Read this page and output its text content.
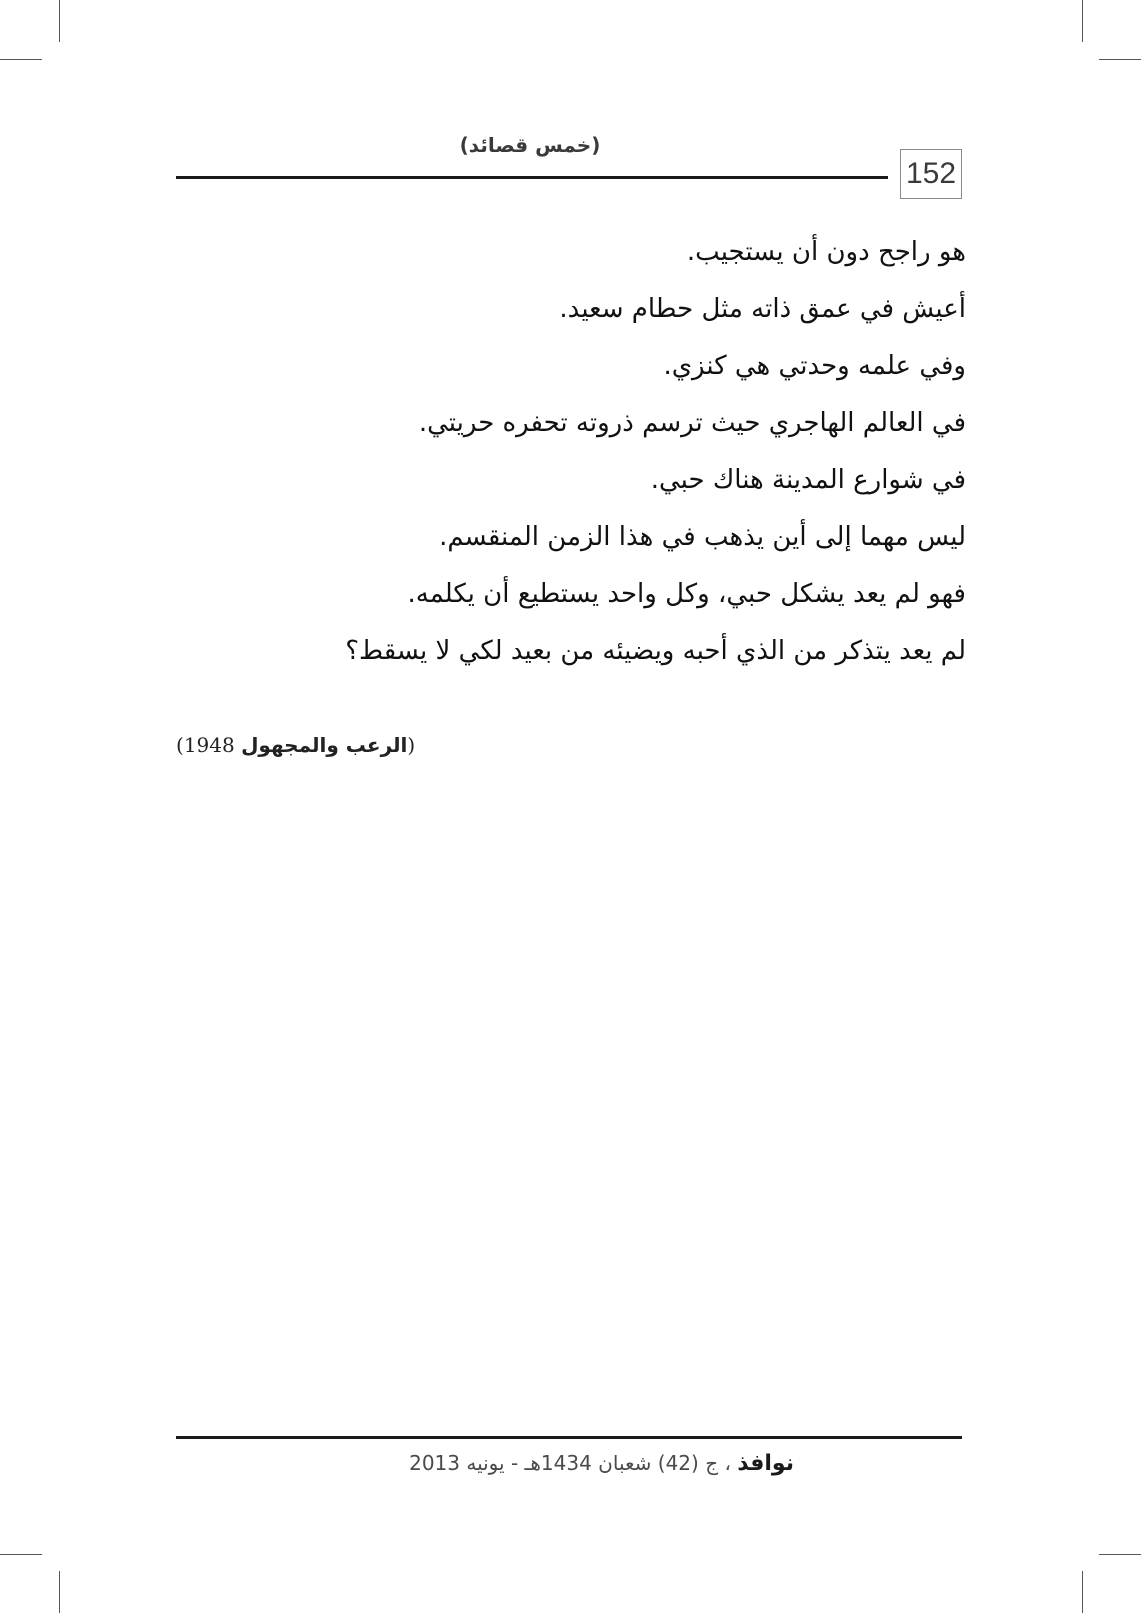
(خمس قصائد)
152
هو راجح دون أن يستجيب.
أعيش في عمق ذاته مثل حطام سعيد.
وفي علمه وحدتي هي كنزي.
في العالم الهاجري حيث ترسم ذروته تحفره حريتي.
في شوارع المدينة هناك حبي.
ليس مهما إلى أين يذهب في هذا الزمن المنقسم.
فهو لم يعد يشكل حبي، وكل واحد يستطيع أن يكلمه.
لم يعد يتذكر من الذي أحبه ويضيئه من بعيد لكي لا يسقط؟
(الرعب والمجهول 1948)
نوافذ ، ج (42) شعبان 1434هـ - يونيه 2013
